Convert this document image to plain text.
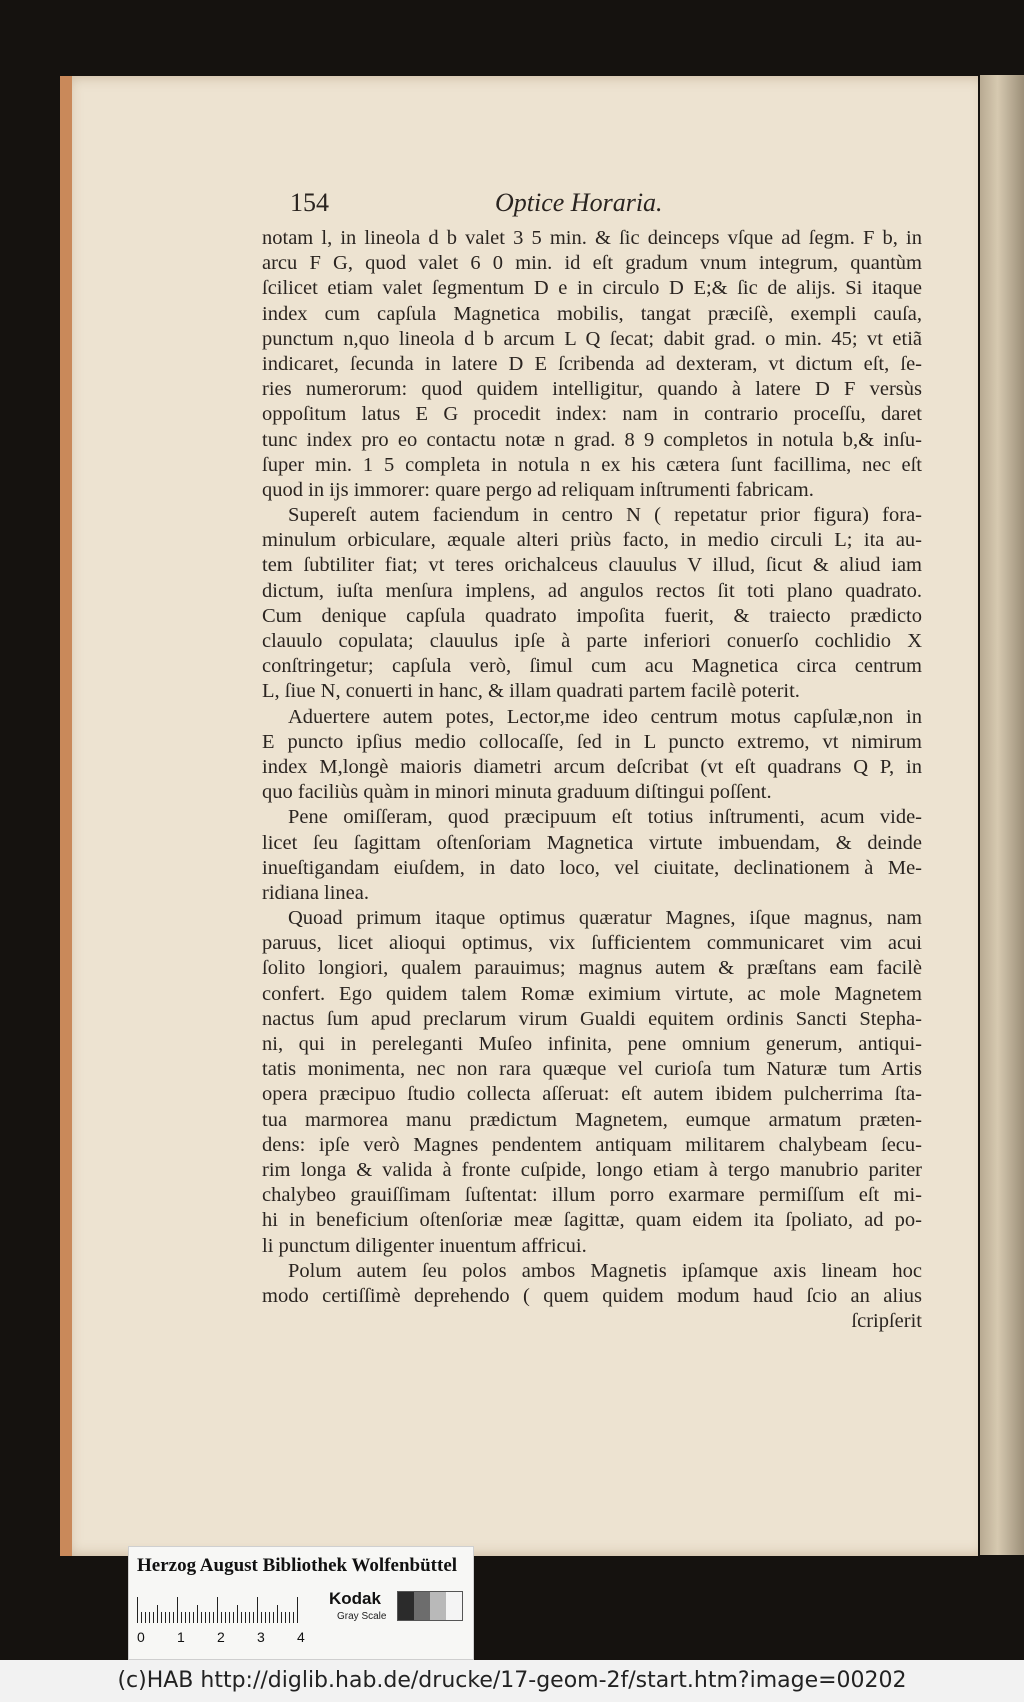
154	Optice Horaria.
notam l, in lineola d b valet 3 5 min. & ſic deinceps vſque ad ſegm. F b, in
arcu F G, quod valet 6 0 min. id eſt gradum vnum integrum, quantùm
ſcilicet etiam valet ſegmentum D e in circulo D E;& ſic de alijs. Si itaque
index cum capſula Magnetica mobilis, tangat præciſè, exempli cauſa,
punctum n,quo lineola d b arcum L Q ſecat; dabit grad. o min. 45; vt etiã
indicaret, ſecunda in latere D E ſcribenda ad dexteram, vt dictum eſt, ſe-
ries numerorum: quod quidem intelligitur, quando à latere D F versùs
oppoſitum latus E G procedit index: nam in contrario proceſſu, daret
tunc index pro eo contactu notæ n grad. 8 9 completos in notula b,& inſu-
ſuper min. 1 5 completa in notula n ex his cætera ſunt facillima, nec eſt
quod in ijs immorer: quare pergo ad reliquam inſtrumenti fabricam.
Supereſt autem faciendum in centro N ( repetatur prior figura) fora-
minulum orbiculare, æquale alteri priùs facto, in medio circuli L; ita au-
tem ſubtiliter fiat; vt teres orichalceus clauulus V illud, ſicut & aliud iam
dictum, iuſta menſura implens, ad angulos rectos ſit toti plano quadrato.
Cum denique capſula quadrato impoſita fuerit, & traiecto prædicto
clauulo copulata; clauulus ipſe à parte inferiori conuerſo cochlidio X
conſtringetur; capſula verò, ſimul cum acu Magnetica circa centrum
L, ſiue N, conuerti in hanc, & illam quadrati partem facilè poterit.
Aduertere autem potes, Lector,me ideo centrum motus capſulæ,non in
E puncto ipſius medio collocaſſe, ſed in L puncto extremo, vt nimirum
index M,longè maioris diametri arcum deſcribat (vt eſt quadrans Q P, in
quo faciliùs quàm in minori minuta graduum diſtingui poſſent.
Pene omiſſeram, quod præcipuum eſt totius inſtrumenti, acum vide-
licet ſeu ſagittam oſtenſoriam Magnetica virtute imbuendam, & deinde
inueſtigandam eiuſdem, in dato loco, vel ciuitate, declinationem à Me-
ridiana linea.
Quoad primum itaque optimus quæratur Magnes, iſque magnus, nam
paruus, licet alioqui optimus, vix ſufficientem communicaret vim acui
ſolito longiori, qualem parauimus; magnus autem & præſtans eam facilè
confert. Ego quidem talem Romæ eximium virtute, ac mole Magnetem
nactus ſum apud preclarum virum Gualdi equitem ordinis Sancti Stepha-
ni, qui in pereleganti Muſeo infinita, pene omnium generum, antiqui-
tatis monimenta, nec non rara quæque vel curioſa tum Naturæ tum Artis
opera præcipuo ſtudio collecta aſſeruat: eſt autem ibidem pulcherrima ſta-
tua marmorea manu prædictum Magnetem, eumque armatum præten-
dens: ipſe verò Magnes pendentem antiquam militarem chalybeam ſecu-
rim longa & valida à fronte cuſpide, longo etiam à tergo manubrio pariter
chalybeo grauiſſimam ſuſtentat: illum porro exarmare permiſſum eſt mi-
hi in beneficium oſtenſoriæ meæ ſagittæ, quam eidem ita ſpoliato, ad po-
li punctum diligenter inuentum affricui.
Polum autem ſeu polos ambos Magnetis ipſamque axis lineam hoc
modo certiſſimè deprehendo ( quem quidem modum haud ſcio an alius
ſcripſerit
Herzog August Bibliothek Wolfenbüttel
0 1 2 3 4
Kodak
Gray Scale
(c)HAB http://diglib.hab.de/drucke/17-geom-2f/start.htm?image=00202
